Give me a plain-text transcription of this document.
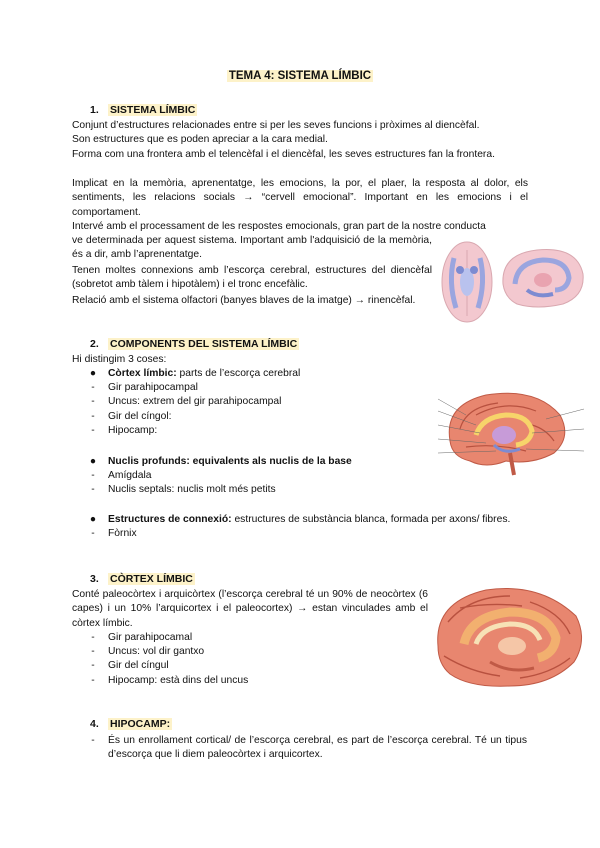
TEMA 4: SISTEMA LÍMBIC
1. SISTEMA LÍMBIC

Conjunt d’estructures relacionades entre si per les seves funcions i pròximes al diencèfal.

Son estructures que es poden apreciar a la cara medial.

Forma com una frontera amb el telencèfal i el diencèfal, les seves estructures fan la frontera.

Implicat en la memòria, aprenentatge, les emocions, la por, el plaer, la resposta al dolor, els sentiments, les relacions socials → “cervell emocional”. Important en les emocions i el comportament.

Intervé amb el processament de les respostes emocionals, gran part de la nostre conducta

ve determinada per aquest sistema. Important amb l'adquisició de la memòria, és a dir, amb l’aprenentatge.

Tenen moltes connexions amb l’escorça cerebral, estructures del diencèfal (sobretot amb tàlem i hipotàlem) i el tronc encefàlic.

Relació amb el sistema olfactori (banyes blaves de la imatge) → rinencèfal.

2. COMPONENTS DEL SISTEMA LÍMBIC

Hi distingim 3 coses:

● Còrtex límbic: parts de l’escorça cerebral
-	Gir parahipocampal
-	Uncus: extrem del gir parahipocampal
-	Gir del cíngol:
-	Hipocamp:
● Nuclis profunds: equivalents als nuclis de la base
-	Amígdala
-	Nuclis septals: nuclis molt més petits
● Estructures de connexió: estructures de substància blanca, formada per axons/ fibres.
-	Fòrnix
3. CÒRTEX LÍMBIC

Conté paleocòrtex i arquicòrtex (l’escorça cerebral té un 90% de neocòrtex (6 capes) i un 10% l’arquicortex i el paleocortex) → estan vinculades amb el còrtex límbic.

-	Gir parahipocamal
-	Uncus: vol dir gantxo
-	Gir del cíngul
-	Hipocamp: està dins del uncus
4. HIPOCAMP:
-	És un enrollament cortical/ de l’escorça cerebral, es part de l’escorça cerebral. Té un tipus d’escorça que li diem paleocòrtex i arquicortex.
